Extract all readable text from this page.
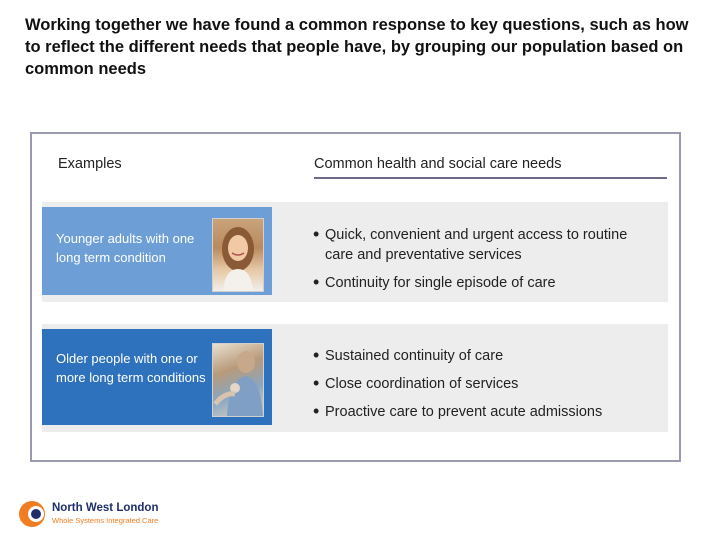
Working together we have found a common response to key questions, such as how to reflect the different needs that people have, by grouping our population based on common needs
Examples	Common health and social care needs
Younger adults with one long term condition
• Quick, convenient and urgent access to routine care and preventative services
• Continuity for single episode of care
Older people with one or more long term conditions
• Sustained continuity of care
• Close coordination of services
• Proactive care to prevent acute admissions
North West London
Whole Systems Integrated Care
